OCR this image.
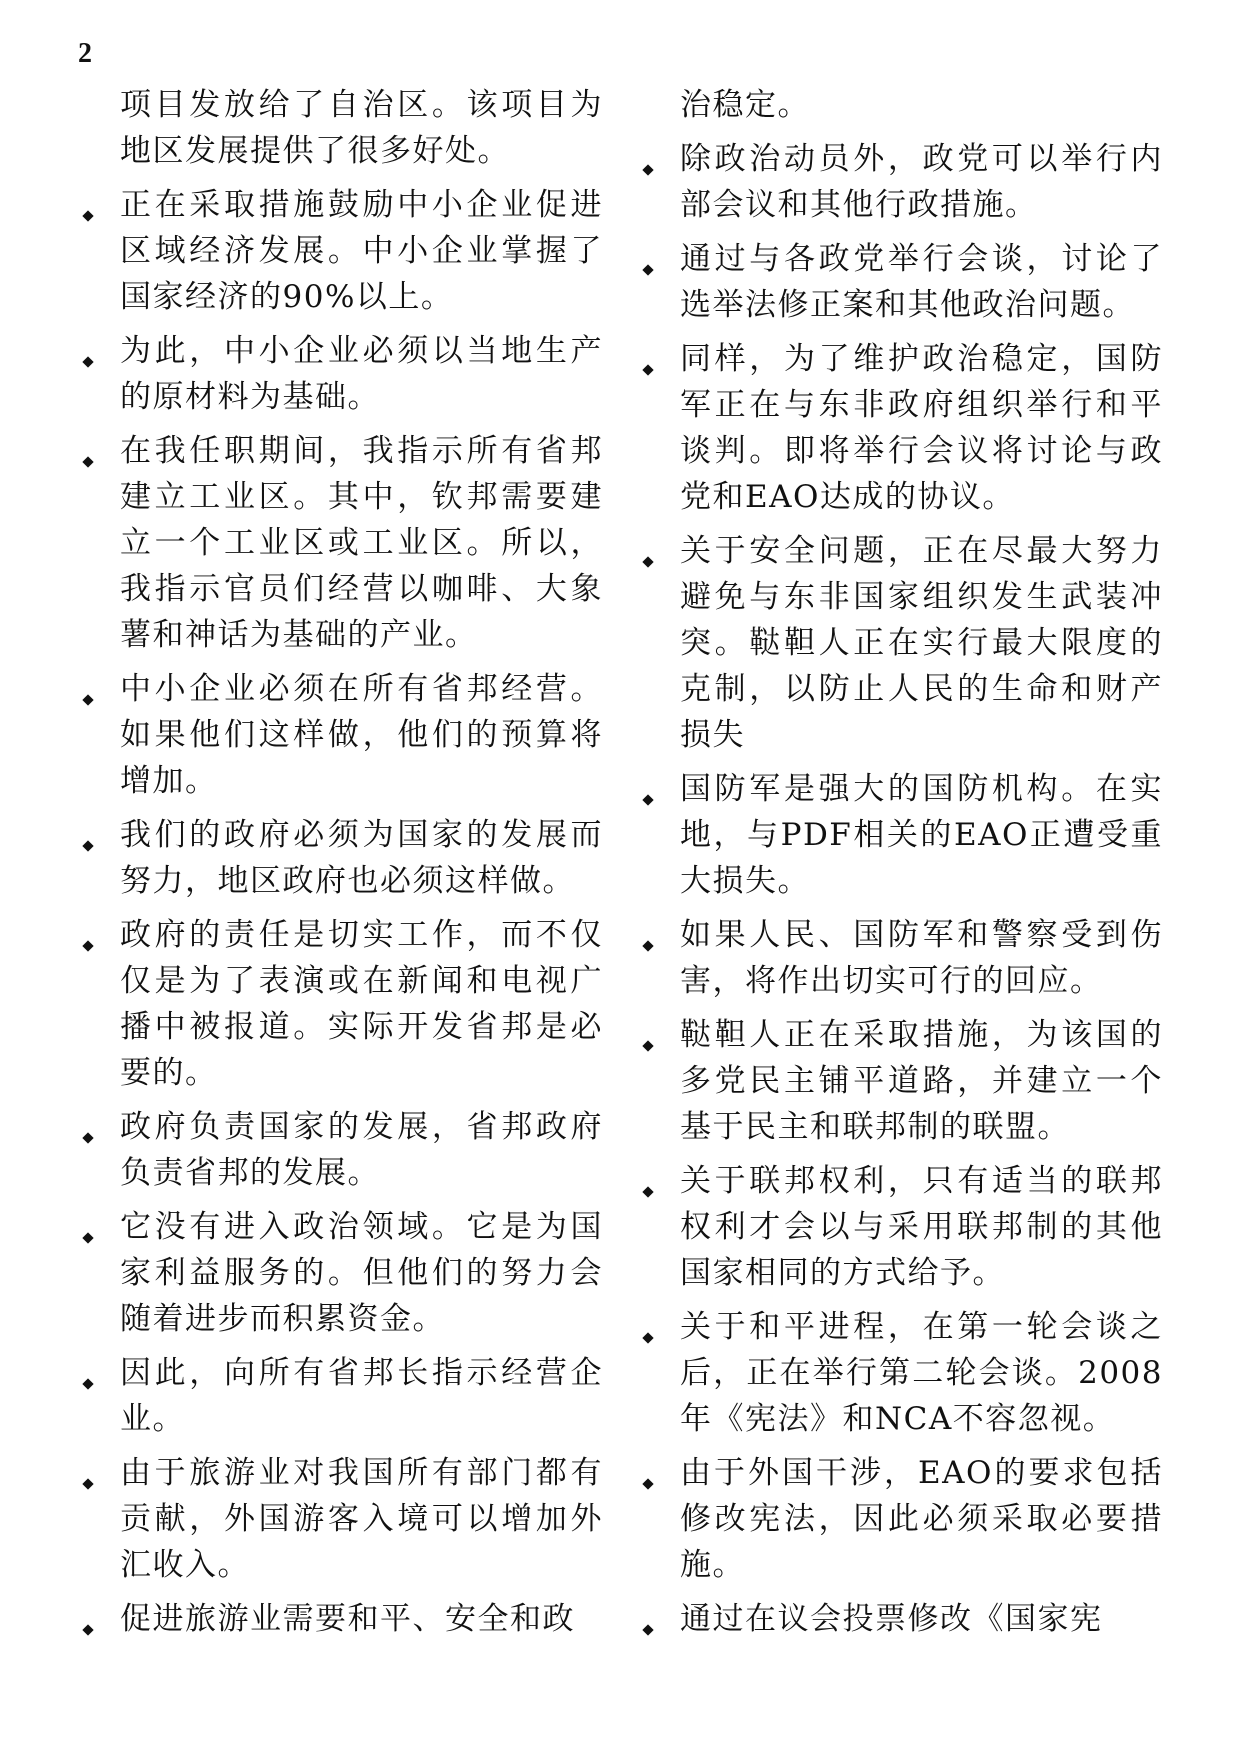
2
项目发放给了自治区。该项目为地区发展提供了很多好处。
正在采取措施鼓励中小企业促进区域经济发展。中小企业掌握了国家经济的90%以上。
为此，中小企业必须以当地生产的原材料为基础。
在我任职期间，我指示所有省邦建立工业区。其中，钦邦需要建立一个工业区或工业区。所以，我指示官员们经营以咖啡、大象薯和神话为基础的产业。
中小企业必须在所有省邦经营。如果他们这样做，他们的预算将增加。
我们的政府必须为国家的发展而努力，地区政府也必须这样做。
政府的责任是切实工作，而不仅仅是为了表演或在新闻和电视广播中被报道。实际开发省邦是必要的。
政府负责国家的发展，省邦政府负责省邦的发展。
它没有进入政治领域。它是为国家利益服务的。但他们的努力会随着进步而积累资金。
因此，向所有省邦长指示经营企业。
由于旅游业对我国所有部门都有贡献，外国游客入境可以增加外汇收入。
促进旅游业需要和平、安全和政
治稳定。
除政治动员外，政党可以举行内部会议和其他行政措施。
通过与各政党举行会谈，讨论了选举法修正案和其他政治问题。
同样，为了维护政治稳定，国防军正在与东非政府组织举行和平谈判。即将举行会议将讨论与政党和EAO达成的协议。
关于安全问题，正在尽最大努力避免与东非国家组织发生武装冲突。鞑靼人正在实行最大限度的克制，以防止人民的生命和财产损失
国防军是强大的国防机构。在实地，与PDF相关的EAO正遭受重大损失。
如果人民、国防军和警察受到伤害，将作出切实可行的回应。
鞑靼人正在采取措施，为该国的多党民主铺平道路，并建立一个基于民主和联邦制的联盟。
关于联邦权利，只有适当的联邦权利才会以与采用联邦制的其他国家相同的方式给予。
关于和平进程，在第一轮会谈之后，正在举行第二轮会谈。2008年《宪法》和NCA不容忽视。
由于外国干涉，EAO的要求包括修改宪法，因此必须采取必要措施。
通过在议会投票修改《国家宪
